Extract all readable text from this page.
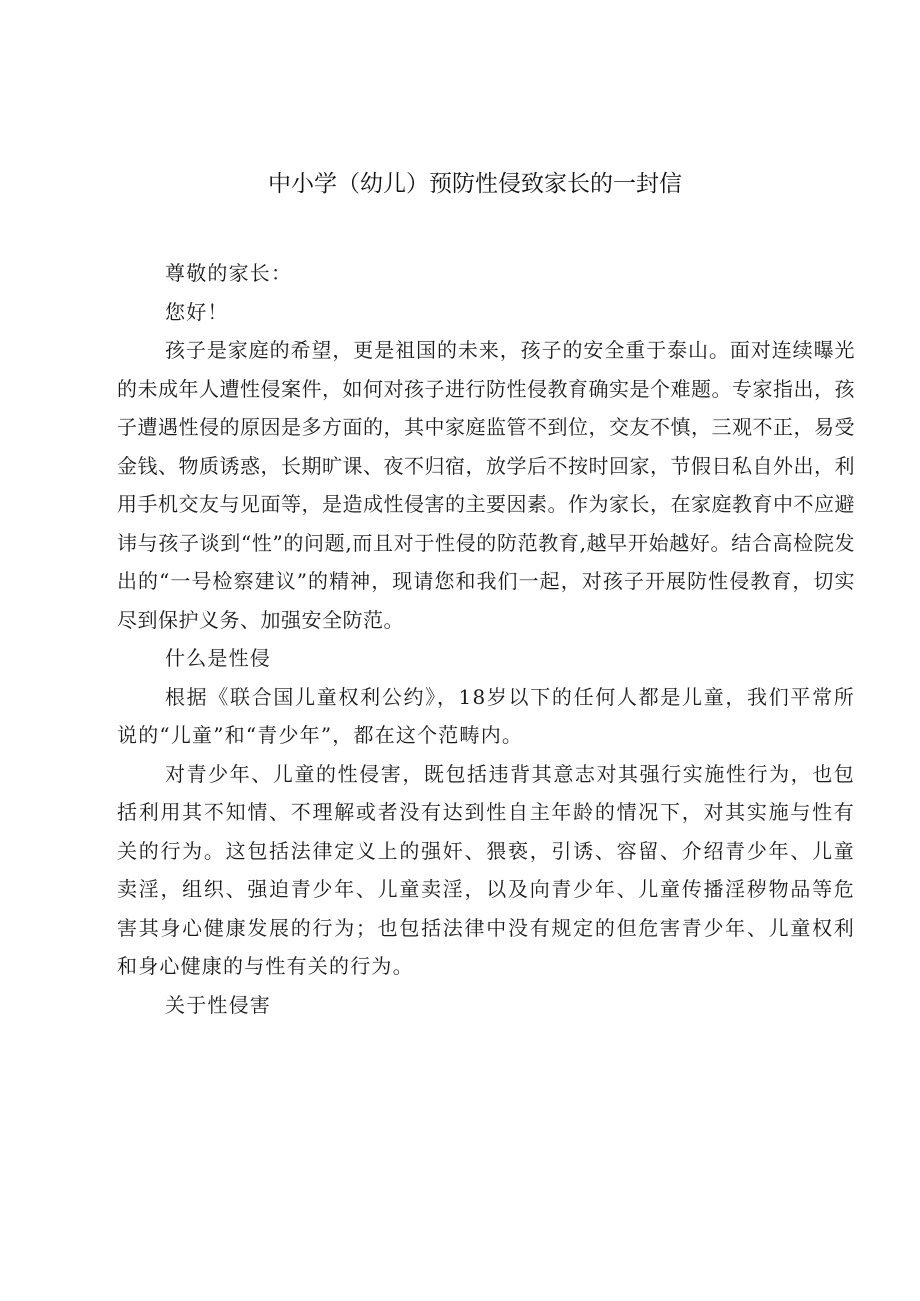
中小学（幼儿）预防性侵致家长的一封信

尊敬的家长：

您好！

孩子是家庭的希望，更是祖国的未来，孩子的安全重于泰山。面对连续曝光的未成年人遭性侵案件，如何对孩子进行防性侵教育确实是个难题。专家指出，孩子遭遇性侵的原因是多方面的，其中家庭监管不到位，交友不慎，三观不正，易受金钱、物质诱惑，长期旷课、夜不归宿，放学后不按时回家，节假日私自外出，利用手机交友与见面等，是造成性侵害的主要因素。作为家长，在家庭教育中不应避讳与孩子谈到“性”的问题,而且对于性侵的防范教育,越早开始越好。结合高检院发出的“一号检察建议”的精神，现请您和我们一起，对孩子开展防性侵教育，切实尽到保护义务、加强安全防范。

什么是性侵

根据《联合国儿童权利公约》，18岁以下的任何人都是儿童，我们平常所说的“儿童”和“青少年”，都在这个范畴内。

对青少年、儿童的性侵害，既包括违背其意志对其强行实施性行为，也包括利用其不知情、不理解或者没有达到性自主年龄的情况下，对其实施与性有关的行为。这包括法律定义上的强奸、猥亵，引诱、容留、介绍青少年、儿童卖淫，组织、强迫青少年、儿童卖淫，以及向青少年、儿童传播淫秽物品等危害其身心健康发展的行为；也包括法律中没有规定的但危害青少年、儿童权利和身心健康的与性有关的行为。

关于性侵害
